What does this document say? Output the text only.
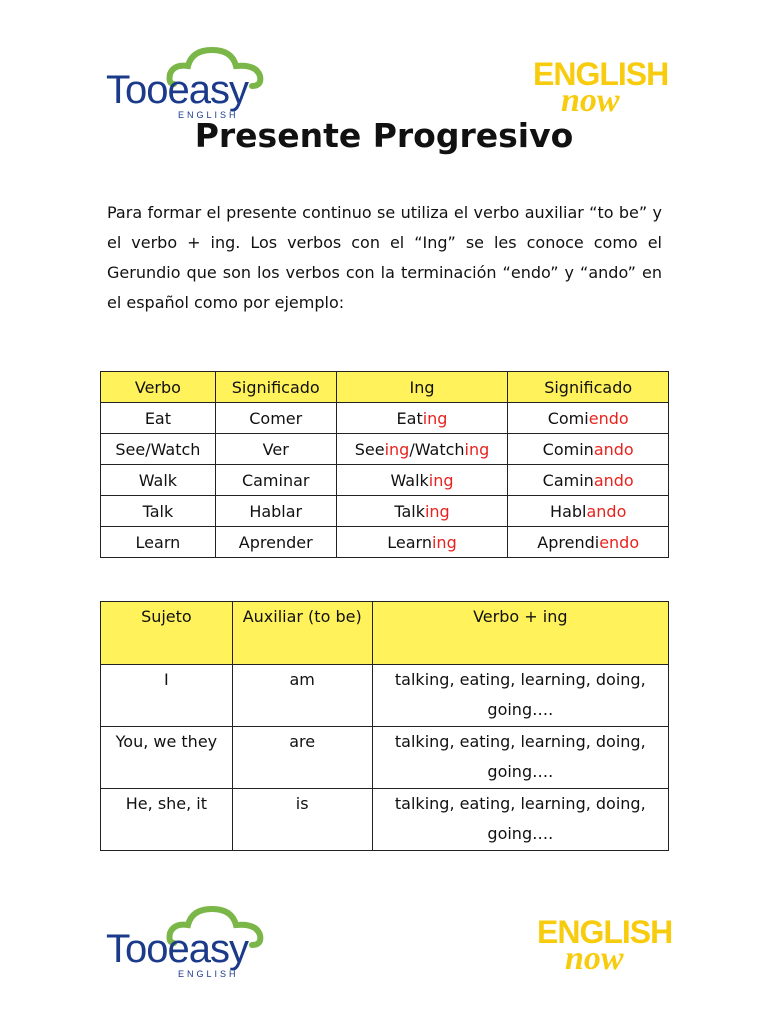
Tooeasy
ENGLISH
ENGLISH
now
Presente Progresivo

Para formar el presente continuo se utiliza el verbo auxiliar “to be” y el verbo + ing. Los verbos con el “Ing” se les conoce como el Gerundio que son los verbos con la terminación “endo” y “ando” en el español como por ejemplo:

Verbo	Significado	Ing	Significado
Eat	Comer	Eating	Comiendo
See/Watch	Ver	Seeing/Watching	Cominando
Walk	Caminar	Walking	Caminando
Talk	Hablar	Talking	Hablando
Learn	Aprender	Learning	Aprendiendo
Sujeto	Auxiliar (to be)	Verbo + ing
I	am	talking, eating, learning, doing, going….
You, we they	are	talking, eating, learning, doing, going….
He, she, it	is	talking, eating, learning, doing, going….
Tooeasy
ENGLISH
ENGLISH
now
